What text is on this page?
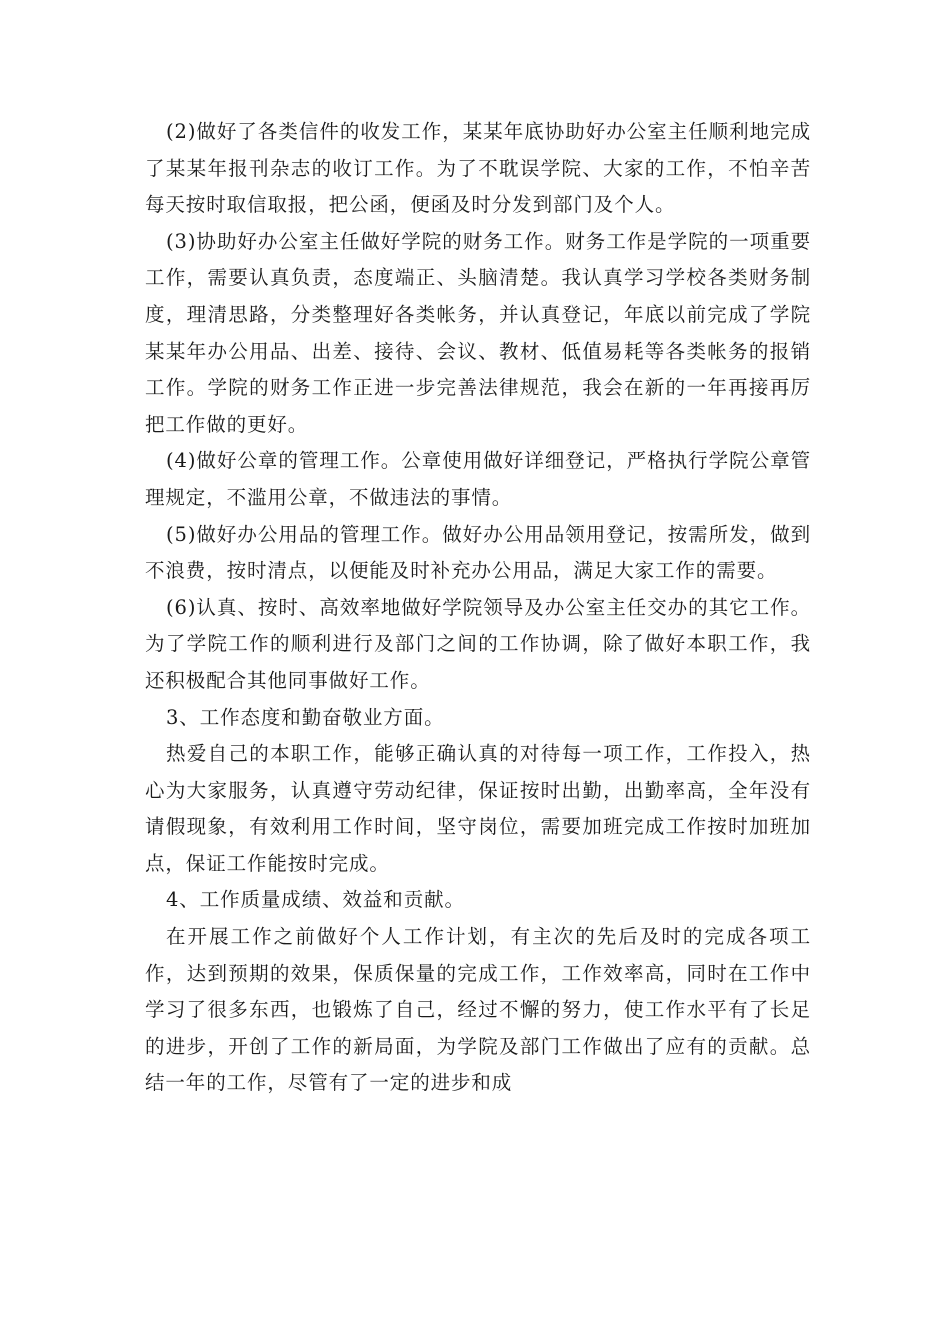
(2)做好了各类信件的收发工作，某某年底协助好办公室主任顺利地完成了某某年报刊杂志的收订工作。为了不耽误学院、大家的工作，不怕辛苦每天按时取信取报，把公函，便函及时分发到部门及个人。

(3)协助好办公室主任做好学院的财务工作。财务工作是学院的一项重要工作，需要认真负责，态度端正、头脑清楚。我认真学习学校各类财务制度，理清思路，分类整理好各类帐务，并认真登记，年底以前完成了学院某某年办公用品、出差、接待、会议、教材、低值易耗等各类帐务的报销工作。学院的财务工作正进一步完善法律规范，我会在新的一年再接再厉把工作做的更好。

(4)做好公章的管理工作。公章使用做好详细登记，严格执行学院公章管理规定，不滥用公章，不做违法的事情。

(5)做好办公用品的管理工作。做好办公用品领用登记，按需所发，做到不浪费，按时清点，以便能及时补充办公用品，满足大家工作的需要。

(6)认真、按时、高效率地做好学院领导及办公室主任交办的其它工作。为了学院工作的顺利进行及部门之间的工作协调，除了做好本职工作，我还积极配合其他同事做好工作。

3、工作态度和勤奋敬业方面。

热爱自己的本职工作，能够正确认真的对待每一项工作，工作投入，热心为大家服务，认真遵守劳动纪律，保证按时出勤，出勤率高，全年没有请假现象，有效利用工作时间，坚守岗位，需要加班完成工作按时加班加点，保证工作能按时完成。

4、工作质量成绩、效益和贡献。

在开展工作之前做好个人工作计划，有主次的先后及时的完成各项工作，达到预期的效果，保质保量的完成工作，工作效率高，同时在工作中学习了很多东西，也锻炼了自己，经过不懈的努力，使工作水平有了长足的进步，开创了工作的新局面，为学院及部门工作做出了应有的贡献。总结一年的工作，尽管有了一定的进步和成
